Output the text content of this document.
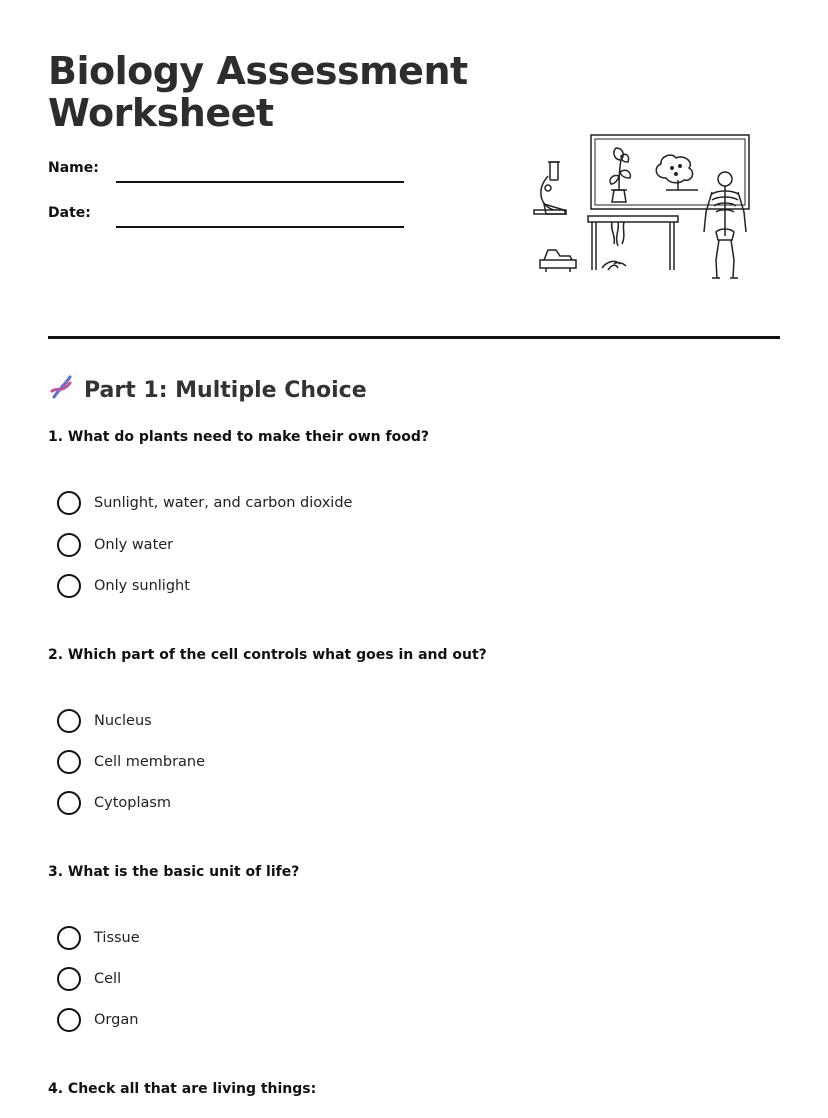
Biology Assessment
Worksheet
Name:
Date:
Part 1: Multiple Choice
1. What do plants need to make their own food?
Sunlight, water, and carbon dioxide
Only water
Only sunlight
2. Which part of the cell controls what goes in and out?
Nucleus
Cell membrane
Cytoplasm
3. What is the basic unit of life?
Tissue
Cell
Organ
4. Check all that are living things:
